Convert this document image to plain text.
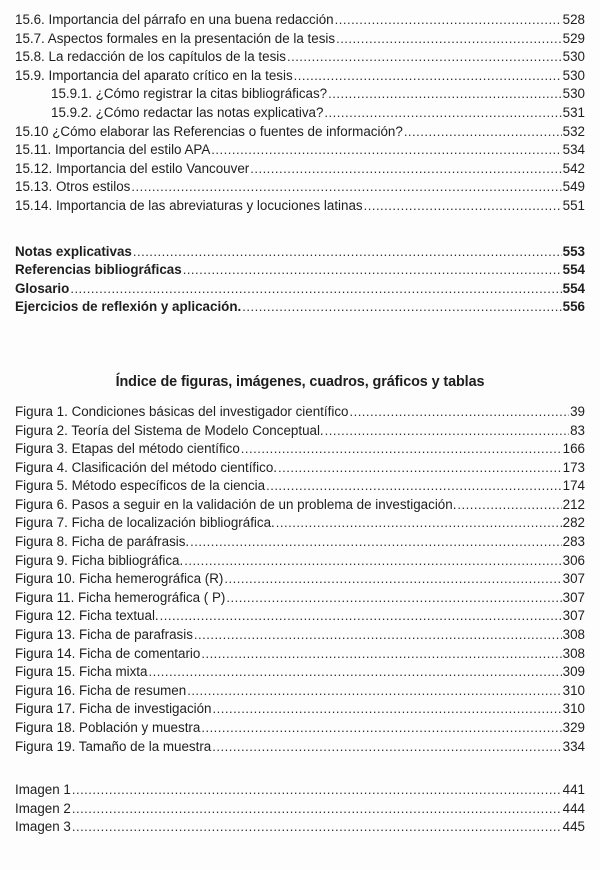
15.6. Importancia del párrafo en una buena redacción .....	528
15.7. Aspectos formales en la presentación de la tesis .....	529
15.8. La redacción de los capítulos de la tesis .....	530
15.9. Importancia del aparato crítico en la tesis .....	530
15.9.1. ¿Cómo registrar la citas bibliográficas? .....	530
15.9.2. ¿Cómo redactar las notas explicativa? .....	531
15.10 ¿Cómo elaborar las Referencias o fuentes de información? .....	532
15.11. Importancia del estilo APA .....	534
15.12. Importancia del estilo Vancouver .....	542
15.13. Otros estilos .....	549
15.14. Importancia de las abreviaturas y locuciones latinas .....	551
Notas explicativas .....	553
Referencias bibliográficas .....	554
Glosario .....	554
Ejercicios de reflexión y aplicación. .....	556
Índice de figuras, imágenes, cuadros, gráficos y tablas
Figura 1. Condiciones básicas del investigador científico .....	39
Figura 2. Teoría del Sistema de Modelo Conceptual. .....	83
Figura 3. Etapas del método científico .....	166
Figura 4. Clasificación del método científico. .....	173
Figura 5. Método específicos de la ciencia .....	174
Figura 6. Pasos a seguir en la validación de un problema de investigación. .....	212
Figura 7. Ficha de localización bibliográfica. .....	282
Figura 8. Ficha de paráfrasis. .....	283
Figura 9. Ficha bibliográfica. .....	306
Figura 10. Ficha hemerográfica (R) .....	307
Figura 11. Ficha hemerográfica ( P) .....	307
Figura 12. Ficha textual. .....	307
Figura 13. Ficha de parafrasis .....	308
Figura 14. Ficha de comentario .....	308
Figura 15. Ficha mixta .....	309
Figura 16. Ficha de resumen .....	310
Figura 17. Ficha de investigación .....	310
Figura 18. Población y muestra .....	329
Figura 19. Tamaño de la muestra .....	334
Imagen 1 .....	441
Imagen 2 .....	444
Imagen 3 .....	445
